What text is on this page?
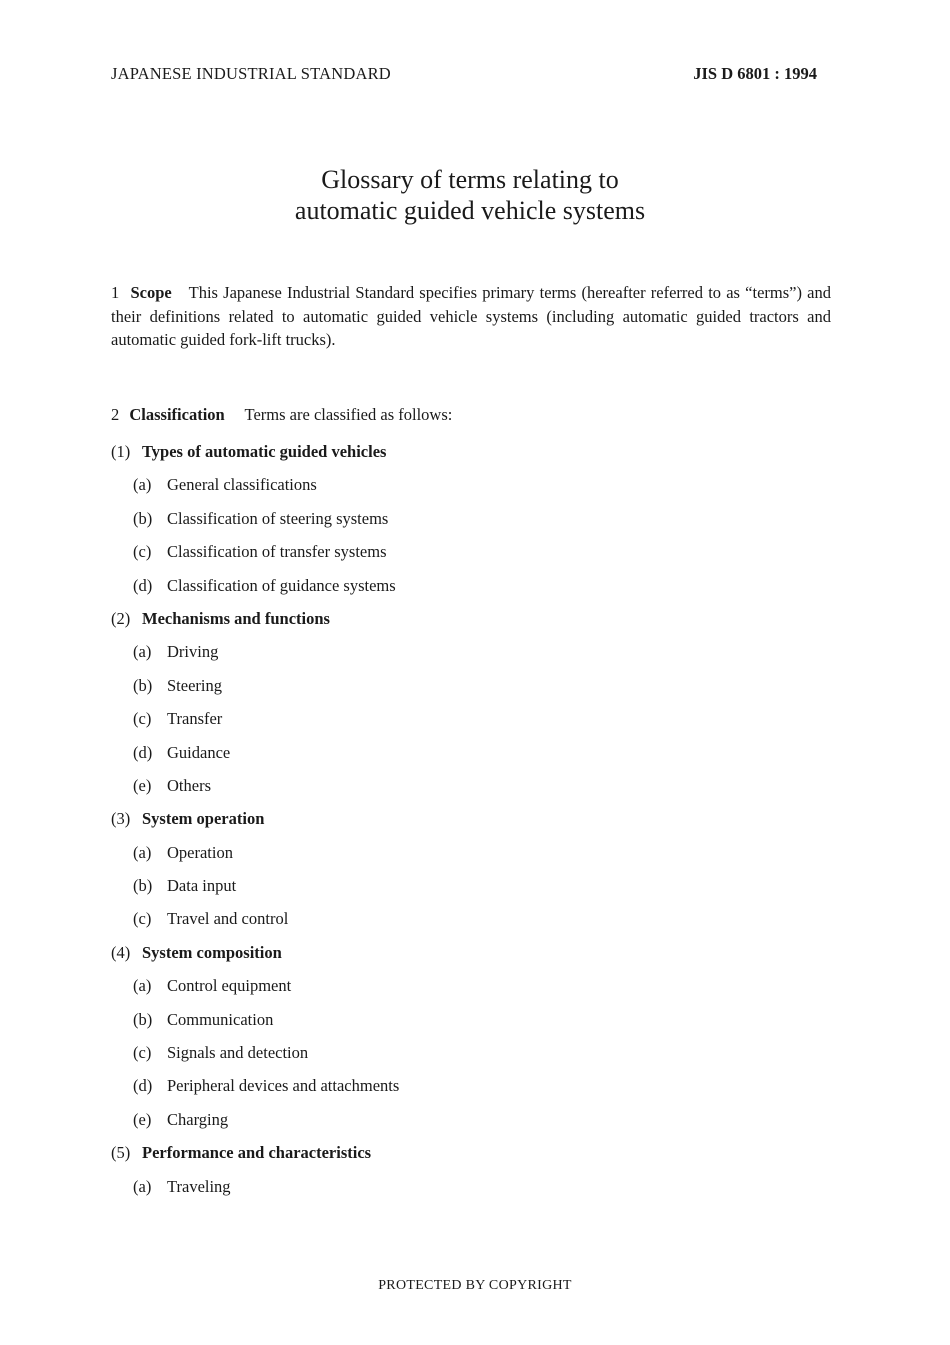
JAPANESE INDUSTRIAL STANDARD	JIS D 6801 : 1994
Glossary of terms relating to
automatic guided vehicle systems
1 Scope This Japanese Industrial Standard specifies primary terms (hereafter referred to as “terms”) and their definitions related to automatic guided vehicle systems (including automatic guided tractors and automatic guided fork-lift trucks).
2 Classification Terms are classified as follows:
(1) Types of automatic guided vehicles
(a) General classifications
(b) Classification of steering systems
(c) Classification of transfer systems
(d) Classification of guidance systems
(2) Mechanisms and functions
(a) Driving
(b) Steering
(c) Transfer
(d) Guidance
(e) Others
(3) System operation
(a) Operation
(b) Data input
(c) Travel and control
(4) System composition
(a) Control equipment
(b) Communication
(c) Signals and detection
(d) Peripheral devices and attachments
(e) Charging
(5) Performance and characteristics
(a) Traveling
PROTECTED BY COPYRIGHT
